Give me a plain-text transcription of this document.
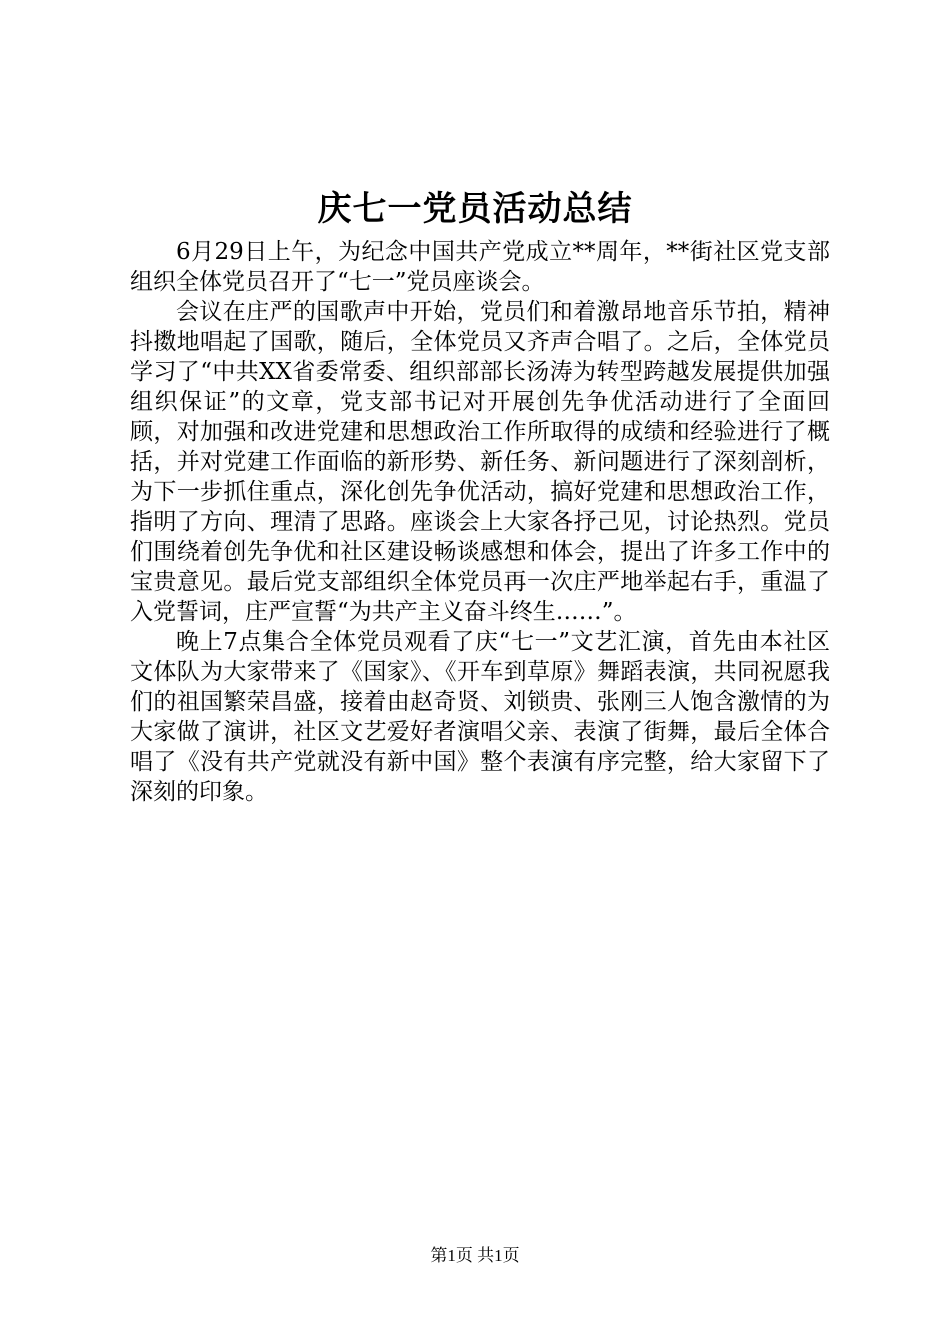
庆七一党员活动总结

6月29日上午，为纪念中国共产党成立**周年，**街社区党支部组织全体党员召开了“七一”党员座谈会。

会议在庄严的国歌声中开始，党员们和着激昂地音乐节拍，精神抖擞地唱起了国歌，随后，全体党员又齐声合唱了。之后，全体党员学习了“中共XX省委常委、组织部部长汤涛为转型跨越发展提供加强组织保证”的文章，党支部书记对开展创先争优活动进行了全面回顾，对加强和改进党建和思想政治工作所取得的成绩和经验进行了概括，并对党建工作面临的新形势、新任务、新问题进行了深刻剖析，为下一步抓住重点，深化创先争优活动，搞好党建和思想政治工作，指明了方向、理清了思路。座谈会上大家各抒己见，讨论热烈。党员们围绕着创先争优和社区建设畅谈感想和体会，提出了许多工作中的宝贵意见。最后党支部组织全体党员再一次庄严地举起右手，重温了入党誓词，庄严宣誓“为共产主义奋斗终生……”。

晚上7点集合全体党员观看了庆“七一”文艺汇演，首先由本社区文体队为大家带来了《国家》、《开车到草原》舞蹈表演，共同祝愿我们的祖国繁荣昌盛，接着由赵奇贤、刘锁贵、张刚三人饱含激情的为大家做了演讲，社区文艺爱好者演唱父亲、表演了街舞，最后全体合唱了《没有共产党就没有新中国》整个表演有序完整，给大家留下了深刻的印象。

第1页 共1页
